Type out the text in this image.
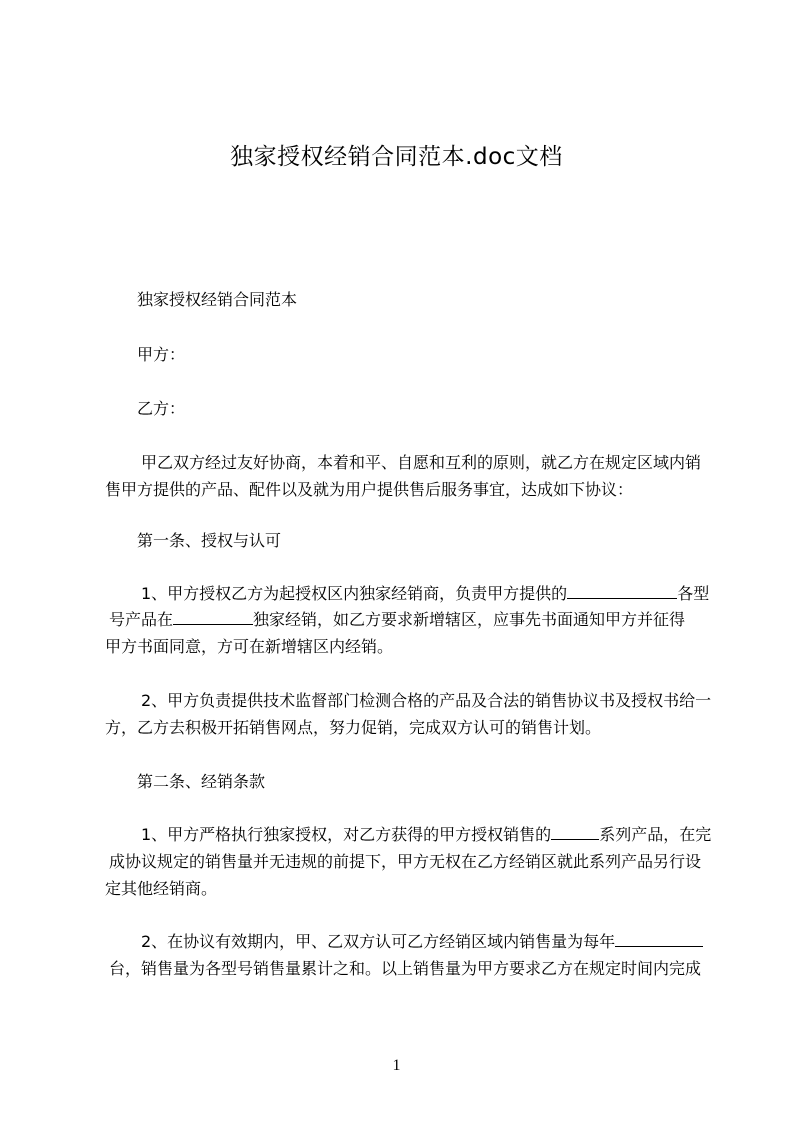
独家授权经销合同范本.doc文档
独家授权经销合同范本
甲方：
乙方：
甲乙双方经过友好协商，本着和平、自愿和互利的原则，就乙方在规定区域内销
售甲方提供的产品、配件以及就为用户提供售后服务事宜，达成如下协议：
第一条、授权与认可
1、甲方授权乙方为起授权区内独家经销商，负责甲方提供的	各型
号产品在	独家经销，如乙方要求新增辖区，应事先书面通知甲方并征得
甲方书面同意，方可在新增辖区内经销。
2、甲方负责提供技术监督部门检测合格的产品及合法的销售协议书及授权书给一
方，乙方去积极开拓销售网点，努力促销，完成双方认可的销售计划。
第二条、经销条款
1、甲方严格执行独家授权，对乙方获得的甲方授权销售的	系列产品，在完
成协议规定的销售量并无违规的前提下，甲方无权在乙方经销区就此系列产品另行设
定其他经销商。
2、在协议有效期内，甲、乙双方认可乙方经销区域内销售量为每年
台，销售量为各型号销售量累计之和。以上销售量为甲方要求乙方在规定时间内完成
1
